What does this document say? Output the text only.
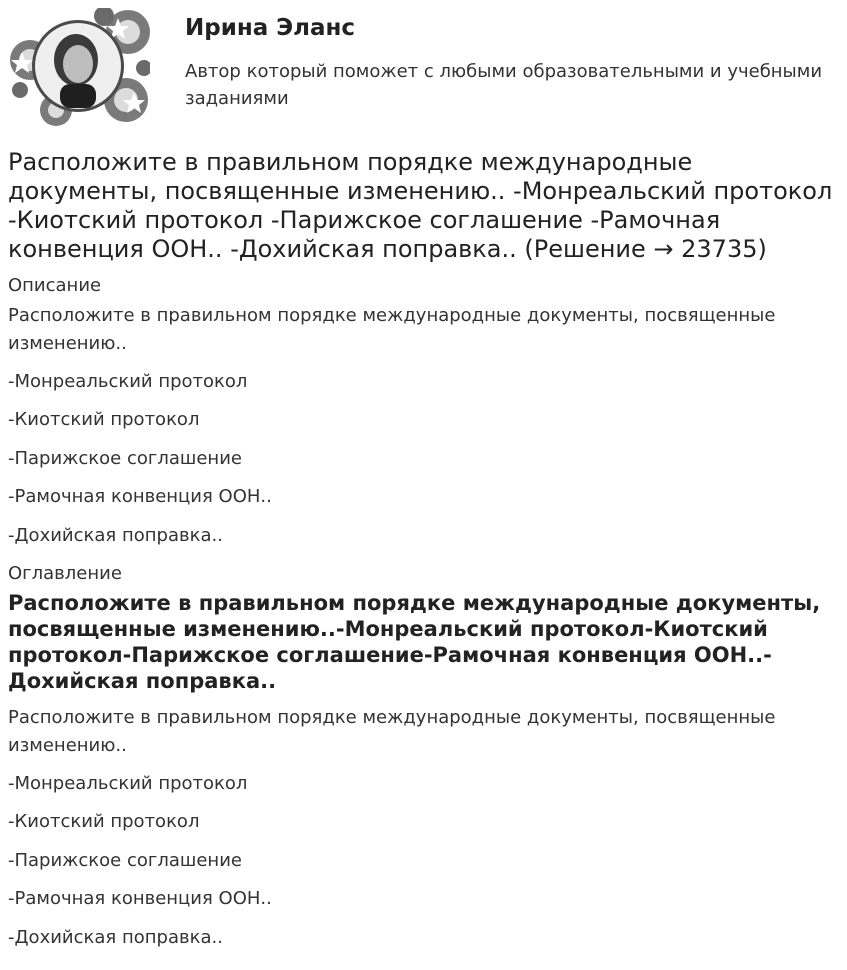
Ирина Эланс
Автор который поможет с любыми образовательными и учебными заданиями
Расположите в правильном порядке международные документы, посвященные изменению.. -Монреальский протокол -Киотский протокол -Парижское соглашение -Рамочная конвенция ООН.. -Дохийская поправка.. (Решение → 23735)
Описание

Расположите в правильном порядке международные документы, посвященные изменению..

-Монреальский протокол
-Киотский протокол
-Парижское соглашение
-Рамочная конвенция ООН..
-Дохийская поправка..
Оглавление
Расположите в правильном порядке международные документы, посвященные изменению..-Монреальский протокол-Киотский протокол-Парижское соглашение-Рамочная конвенция ООН..-Дохийская поправка..

Расположите в правильном порядке международные документы, посвященные изменению..

-Монреальский протокол
-Киотский протокол
-Парижское соглашение
-Рамочная конвенция ООН..
-Дохийская поправка..
